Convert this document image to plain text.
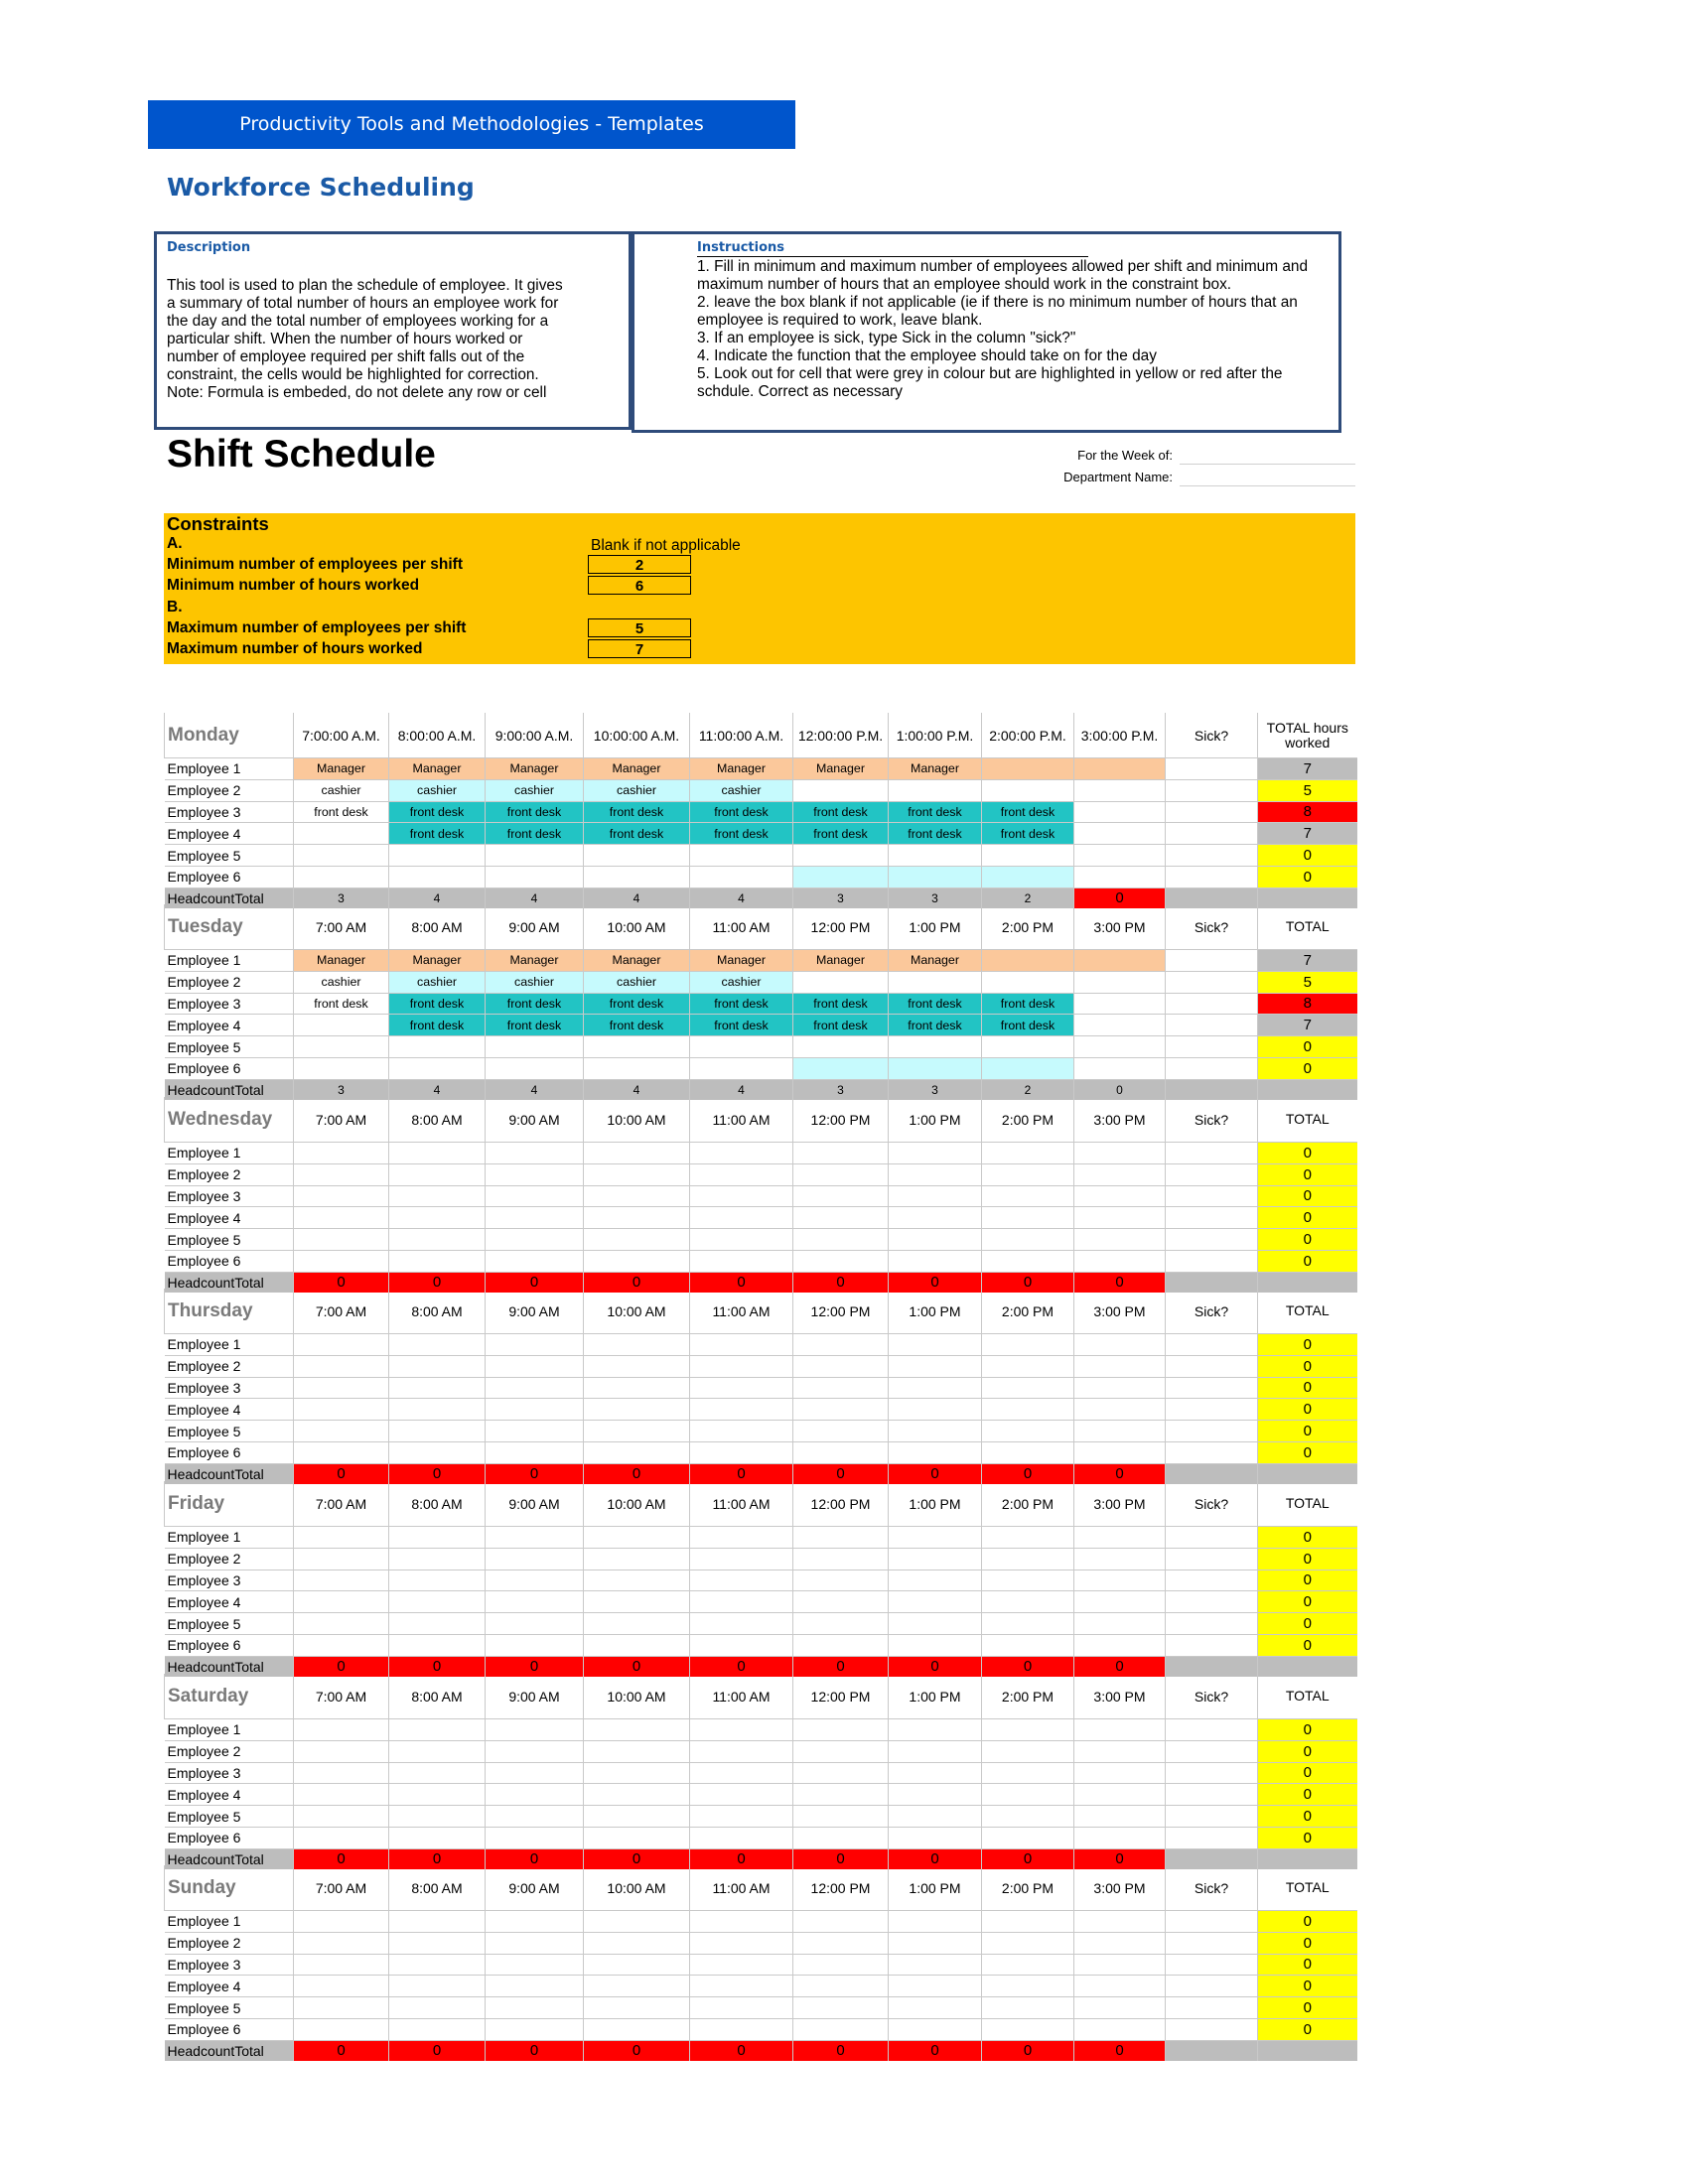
Productivity Tools and Methodologies - Templates
Workforce Scheduling
Description
This tool is used to plan the schedule of employee. It gives
a summary of total number of hours an employee work for
the day and the total number of employees working for a
particular shift. When the number of hours worked or
number of employee required per shift falls out of the
constraint, the cells would be highlighted for correction.
Note: Formula is embeded, do not delete any row or cell
Instructions
1. Fill in minimum and maximum number of employees allowed per shift and minimum and
maximum number of hours that an employee should work in the constraint box.
2. leave the box blank if not applicable (ie if there is no minimum number of hours that an
employee is required to work, leave blank.
3. If an employee is sick, type Sick in the column "sick?"
4. Indicate the function that the employee should take on for the day
5. Look out for cell that were grey in colour but are highlighted in yellow or red after the
schdule. Correct as necessary
Shift Schedule	For the Week of:
Department Name:
Constraints
A.	Blank if not applicable
Minimum number of employees per shift	2
Minimum number of hours worked	6
B.
Maximum number of employees per shift	5
Maximum number of hours worked	7
Monday	7:00:00 A.M.	8:00:00 A.M.	9:00:00 A.M.	10:00:00 A.M.	11:00:00 A.M.	12:00:00 P.M.	1:00:00 P.M.	2:00:00 P.M.	3:00:00 P.M.	Sick?	TOTAL hours worked
Employee 1	Manager	Manager	Manager	Manager	Manager	Manager	Manager				7
Employee 2	cashier	cashier	cashier	cashier	cashier						5
Employee 3	front desk	front desk	front desk	front desk	front desk	front desk	front desk	front desk			8
Employee 4		front desk	front desk	front desk	front desk	front desk	front desk	front desk			7
Employee 5											0
Employee 6											0
HeadcountTotal	3	4	4	4	4	3	3	2	0		
Tuesday	7:00 AM	8:00 AM	9:00 AM	10:00 AM	11:00 AM	12:00 PM	1:00 PM	2:00 PM	3:00 PM	Sick?	TOTAL
Employee 1	Manager	Manager	Manager	Manager	Manager	Manager	Manager				7
Employee 2	cashier	cashier	cashier	cashier	cashier						5
Employee 3	front desk	front desk	front desk	front desk	front desk	front desk	front desk	front desk			8
Employee 4		front desk	front desk	front desk	front desk	front desk	front desk	front desk			7
Employee 5											0
Employee 6											0
HeadcountTotal	3	4	4	4	4	3	3	2	0		
Wednesday	7:00 AM	8:00 AM	9:00 AM	10:00 AM	11:00 AM	12:00 PM	1:00 PM	2:00 PM	3:00 PM	Sick?	TOTAL
Employee 1											0
Employee 2											0
Employee 3											0
Employee 4											0
Employee 5											0
Employee 6											0
HeadcountTotal	0	0	0	0	0	0	0	0	0		
Thursday	7:00 AM	8:00 AM	9:00 AM	10:00 AM	11:00 AM	12:00 PM	1:00 PM	2:00 PM	3:00 PM	Sick?	TOTAL
Employee 1											0
Employee 2											0
Employee 3											0
Employee 4											0
Employee 5											0
Employee 6											0
HeadcountTotal	0	0	0	0	0	0	0	0	0		
Friday	7:00 AM	8:00 AM	9:00 AM	10:00 AM	11:00 AM	12:00 PM	1:00 PM	2:00 PM	3:00 PM	Sick?	TOTAL
Employee 1											0
Employee 2											0
Employee 3											0
Employee 4											0
Employee 5											0
Employee 6											0
HeadcountTotal	0	0	0	0	0	0	0	0	0		
Saturday	7:00 AM	8:00 AM	9:00 AM	10:00 AM	11:00 AM	12:00 PM	1:00 PM	2:00 PM	3:00 PM	Sick?	TOTAL
Employee 1											0
Employee 2											0
Employee 3											0
Employee 4											0
Employee 5											0
Employee 6											0
HeadcountTotal	0	0	0	0	0	0	0	0	0		
Sunday	7:00 AM	8:00 AM	9:00 AM	10:00 AM	11:00 AM	12:00 PM	1:00 PM	2:00 PM	3:00 PM	Sick?	TOTAL
Employee 1											0
Employee 2											0
Employee 3											0
Employee 4											0
Employee 5											0
Employee 6											0
HeadcountTotal	0	0	0	0	0	0	0	0	0		
